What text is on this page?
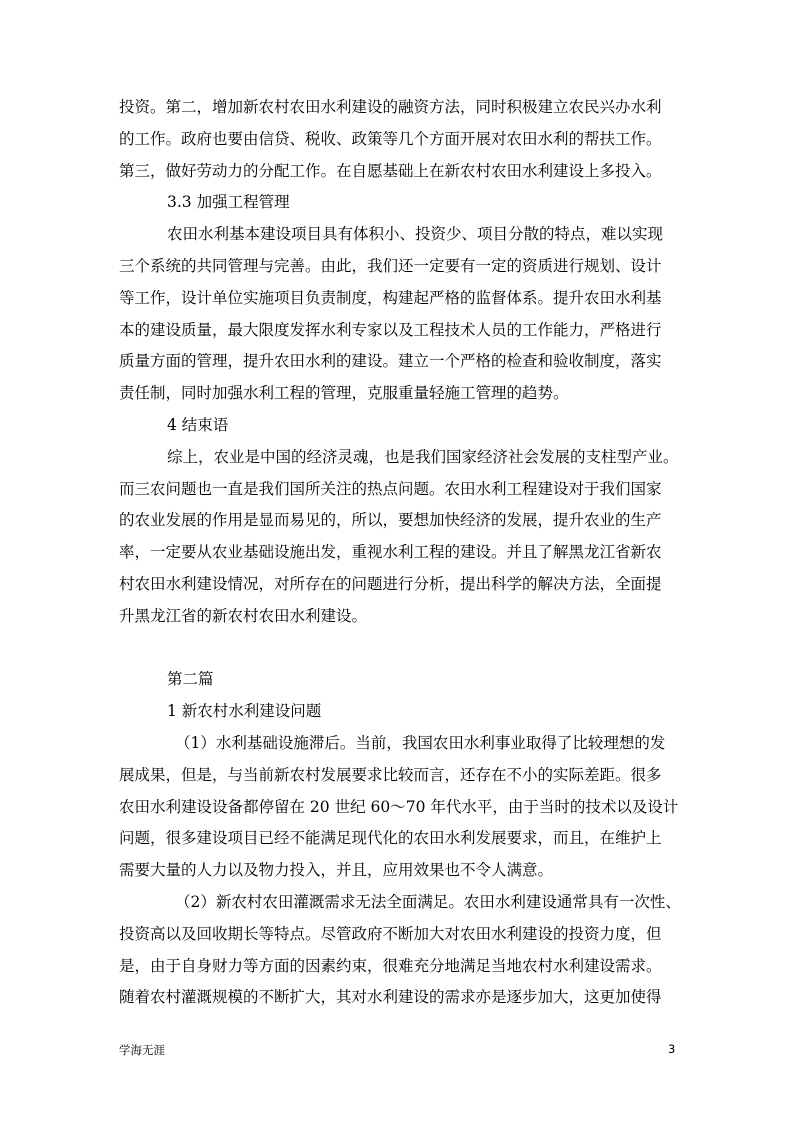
投资。第二，增加新农村农田水利建设的融资方法，同时积极建立农民兴办水利
的工作。政府也要由信贷、税收、政策等几个方面开展对农田水利的帮扶工作。
第三，做好劳动力的分配工作。在自愿基础上在新农村农田水利建设上多投入。
3.3 加强工程管理
农田水利基本建设项目具有体积小、投资少、项目分散的特点，难以实现
三个系统的共同管理与完善。由此，我们还一定要有一定的资质进行规划、设计
等工作，设计单位实施项目负责制度，构建起严格的监督体系。提升农田水利基
本的建设质量，最大限度发挥水利专家以及工程技术人员的工作能力，严格进行
质量方面的管理，提升农田水利的建设。建立一个严格的检查和验收制度，落实
责任制，同时加强水利工程的管理，克服重量轻施工管理的趋势。
4 结束语
综上，农业是中国的经济灵魂，也是我们国家经济社会发展的支柱型产业。
而三农问题也一直是我们国所关注的热点问题。农田水利工程建设对于我们国家
的农业发展的作用是显而易见的，所以，要想加快经济的发展，提升农业的生产
率，一定要从农业基础设施出发，重视水利工程的建设。并且了解黑龙江省新农
村农田水利建设情况，对所存在的问题进行分析，提出科学的解决方法，全面提
升黑龙江省的新农村农田水利建设。
第二篇
1 新农村水利建设问题
（1）水利基础设施滞后。当前，我国农田水利事业取得了比较理想的发
展成果，但是，与当前新农村发展要求比较而言，还存在不小的实际差距。很多
农田水利建设设备都停留在 20 世纪 60～70 年代水平，由于当时的技术以及设计
问题，很多建设项目已经不能满足现代化的农田水利发展要求，而且，在维护上
需要大量的人力以及物力投入，并且，应用效果也不令人满意。
（2）新农村农田灌溉需求无法全面满足。农田水利建设通常具有一次性、
投资高以及回收期长等特点。尽管政府不断加大对农田水利建设的投资力度，但
是，由于自身财力等方面的因素约束，很难充分地满足当地农村水利建设需求。
随着农村灌溉规模的不断扩大，其对水利建设的需求亦是逐步加大，这更加使得
学海无涯	3
